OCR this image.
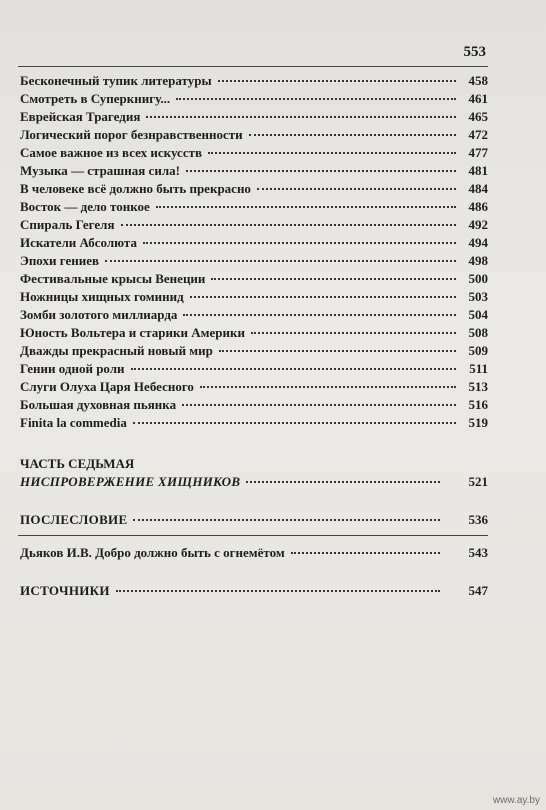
553
Бесконечный тупик литературы	458
Смотреть в Суперкнигу...	461
Еврейская Трагедия	465
Логический порог безнравственности	472
Самое важное из всех искусств	477
Музыка — страшная сила!	481
В человеке всё должно быть прекрасно	484
Восток — дело тонкое	486
Спираль Гегеля	492
Искатели Абсолюта	494
Эпохи гениев	498
Фестивальные крысы Венеции	500
Ножницы хищных гоминид	503
Зомби золотого миллиарда	504
Юность Вольтера и старики Америки	508
Дважды прекрасный новый мир	509
Гении одной роли	511
Слуги Олуха Царя Небесного	513
Большая духовная пьянка	516
Finita la commedia	519
ЧАСТЬ СЕДЬМАЯ
НИСПРОВЕРЖЕНИЕ ХИЩНИКОВ	521
ПОСЛЕСЛОВИЕ	536
Дьяков И.В. Добро должно быть с огнемётом	543
ИСТОЧНИКИ	547
www.ay.by
